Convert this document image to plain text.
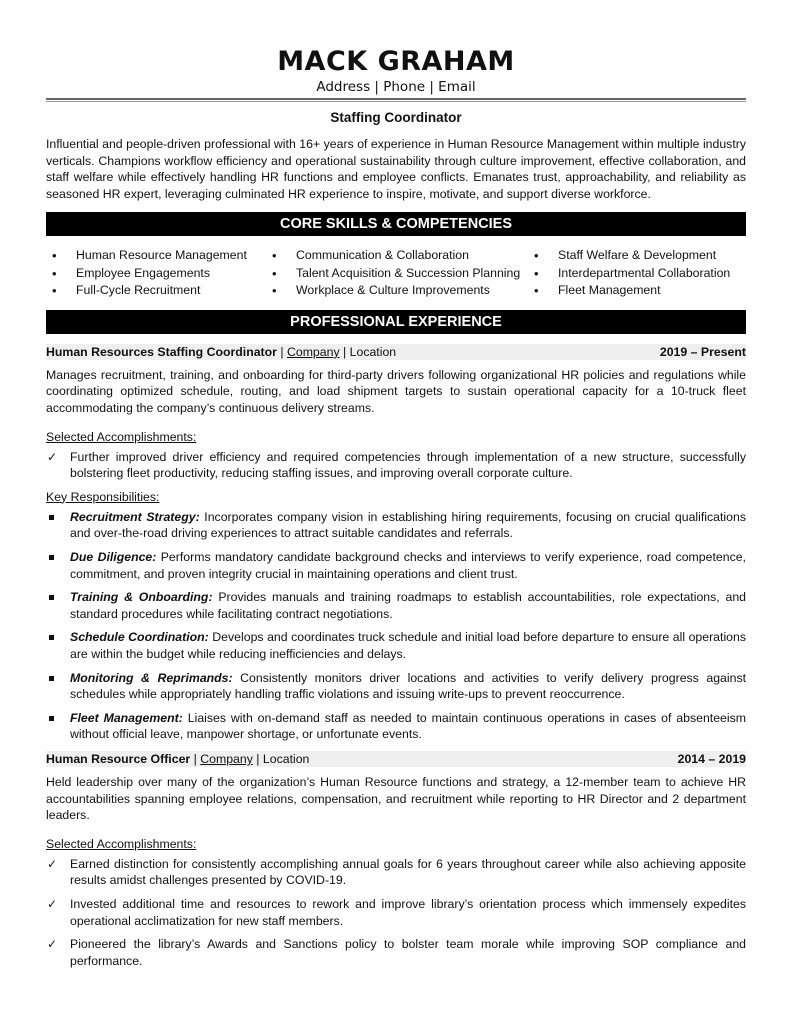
MACK GRAHAM
Address | Phone | Email
Staffing Coordinator
Influential and people-driven professional with 16+ years of experience in Human Resource Management within multiple industry verticals. Champions workflow efficiency and operational sustainability through culture improvement, effective collaboration, and staff welfare while effectively handling HR functions and employee conflicts. Emanates trust, approachability, and reliability as seasoned HR expert, leveraging culminated HR experience to inspire, motivate, and support diverse workforce.
CORE SKILLS & COMPETENCIES
• Human Resource Management
• Employee Engagements
• Full-Cycle Recruitment
• Communication & Collaboration
• Talent Acquisition & Succession Planning
• Workplace & Culture Improvements
• Staff Welfare & Development
• Interdepartmental Collaboration
• Fleet Management
PROFESSIONAL EXPERIENCE
Human Resources Staffing Coordinator | Company | Location	2019 – Present
Manages recruitment, training, and onboarding for third-party drivers following organizational HR policies and regulations while coordinating optimized schedule, routing, and load shipment targets to sustain operational capacity for a 10-truck fleet accommodating the company’s continuous delivery streams.
Selected Accomplishments:
✓ Further improved driver efficiency and required competencies through implementation of a new structure, successfully bolstering fleet productivity, reducing staffing issues, and improving overall corporate culture.
Key Responsibilities:
Recruitment Strategy: Incorporates company vision in establishing hiring requirements, focusing on crucial qualifications and over-the-road driving experiences to attract suitable candidates and referrals.
Due Diligence: Performs mandatory candidate background checks and interviews to verify experience, road competence, commitment, and proven integrity crucial in maintaining operations and client trust.
Training & Onboarding: Provides manuals and training roadmaps to establish accountabilities, role expectations, and standard procedures while facilitating contract negotiations.
Schedule Coordination: Develops and coordinates truck schedule and initial load before departure to ensure all operations are within the budget while reducing inefficiencies and delays.
Monitoring & Reprimands: Consistently monitors driver locations and activities to verify delivery progress against schedules while appropriately handling traffic violations and issuing write-ups to prevent reoccurrence.
Fleet Management: Liaises with on-demand staff as needed to maintain continuous operations in cases of absenteeism without official leave, manpower shortage, or unfortunate events.
Human Resource Officer | Company | Location	2014 – 2019
Held leadership over many of the organization’s Human Resource functions and strategy, a 12-member team to achieve HR accountabilities spanning employee relations, compensation, and recruitment while reporting to HR Director and 2 department leaders.
Selected Accomplishments:
✓ Earned distinction for consistently accomplishing annual goals for 6 years throughout career while also achieving apposite results amidst challenges presented by COVID-19.
✓ Invested additional time and resources to rework and improve library’s orientation process which immensely expedites operational acclimatization for new staff members.
✓ Pioneered the library’s Awards and Sanctions policy to bolster team morale while improving SOP compliance and performance.
